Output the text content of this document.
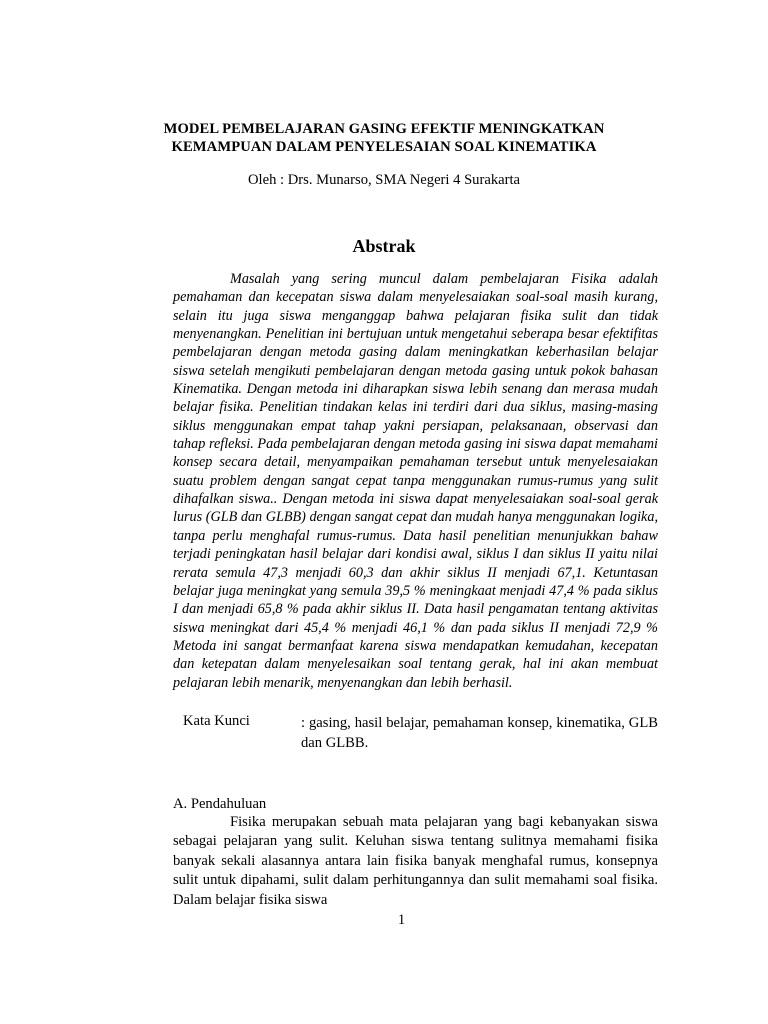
MODEL PEMBELAJARAN GASING EFEKTIF MENINGKATKAN
KEMAMPUAN DALAM PENYELESAIAN SOAL KINEMATIKA
Oleh : Drs. Munarso, SMA Negeri 4 Surakarta
Abstrak

Masalah yang sering muncul dalam pembelajaran Fisika adalah pemahaman dan kecepatan siswa dalam menyelesaiakan soal-soal masih kurang, selain itu juga siswa menganggap bahwa pelajaran fisika sulit dan tidak menyenangkan. Penelitian ini bertujuan untuk mengetahui seberapa besar efektifitas pembelajaran dengan metoda gasing dalam meningkatkan keberhasilan belajar siswa setelah mengikuti pembelajaran dengan metoda gasing untuk pokok bahasan Kinematika. Dengan metoda ini diharapkan siswa lebih senang dan merasa mudah belajar fisika. Penelitian tindakan kelas ini terdiri dari dua siklus, masing-masing siklus menggunakan empat tahap yakni persiapan, pelaksanaan, observasi dan tahap refleksi. Pada pembelajaran dengan metoda gasing ini siswa dapat memahami konsep secara detail, menyampaikan pemahaman tersebut untuk menyelesaiakan suatu problem dengan sangat cepat tanpa menggunakan rumus-rumus yang sulit dihafalkan siswa.. Dengan metoda ini siswa dapat menyelesaiakan soal-soal gerak lurus (GLB dan GLBB) dengan sangat cepat dan mudah hanya menggunakan logika, tanpa perlu menghafal rumus-rumus. Data hasil penelitian menunjukkan bahaw terjadi peningkatan hasil belajar dari kondisi awal, siklus I dan siklus II yaitu nilai rerata semula 47,3 menjadi 60,3 dan akhir siklus II menjadi 67,1. Ketuntasan belajar juga meningkat yang semula 39,5 % meningkaat menjadi 47,4 % pada siklus I dan menjadi 65,8 % pada akhir siklus II. Data hasil pengamatan tentang aktivitas siswa meningkat dari 45,4 % menjadi 46,1 % dan pada siklus II menjadi 72,9 % Metoda ini sangat bermanfaat karena siswa mendapatkan kemudahan, kecepatan dan ketepatan dalam menyelesaikan soal tentang gerak, hal ini akan membuat pelajaran lebih menarik, menyenangkan dan lebih berhasil.

Kata Kunci	: gasing, hasil belajar, pemahaman konsep, kinematika, GLB dan GLBB.
A. Pendahuluan

Fisika merupakan sebuah mata pelajaran yang bagi kebanyakan siswa sebagai pelajaran yang sulit. Keluhan siswa tentang sulitnya memahami fisika banyak sekali alasannya antara lain fisika banyak menghafal rumus, konsepnya sulit untuk dipahami, sulit dalam perhitungannya dan sulit memahami soal fisika. Dalam belajar fisika siswa

1
